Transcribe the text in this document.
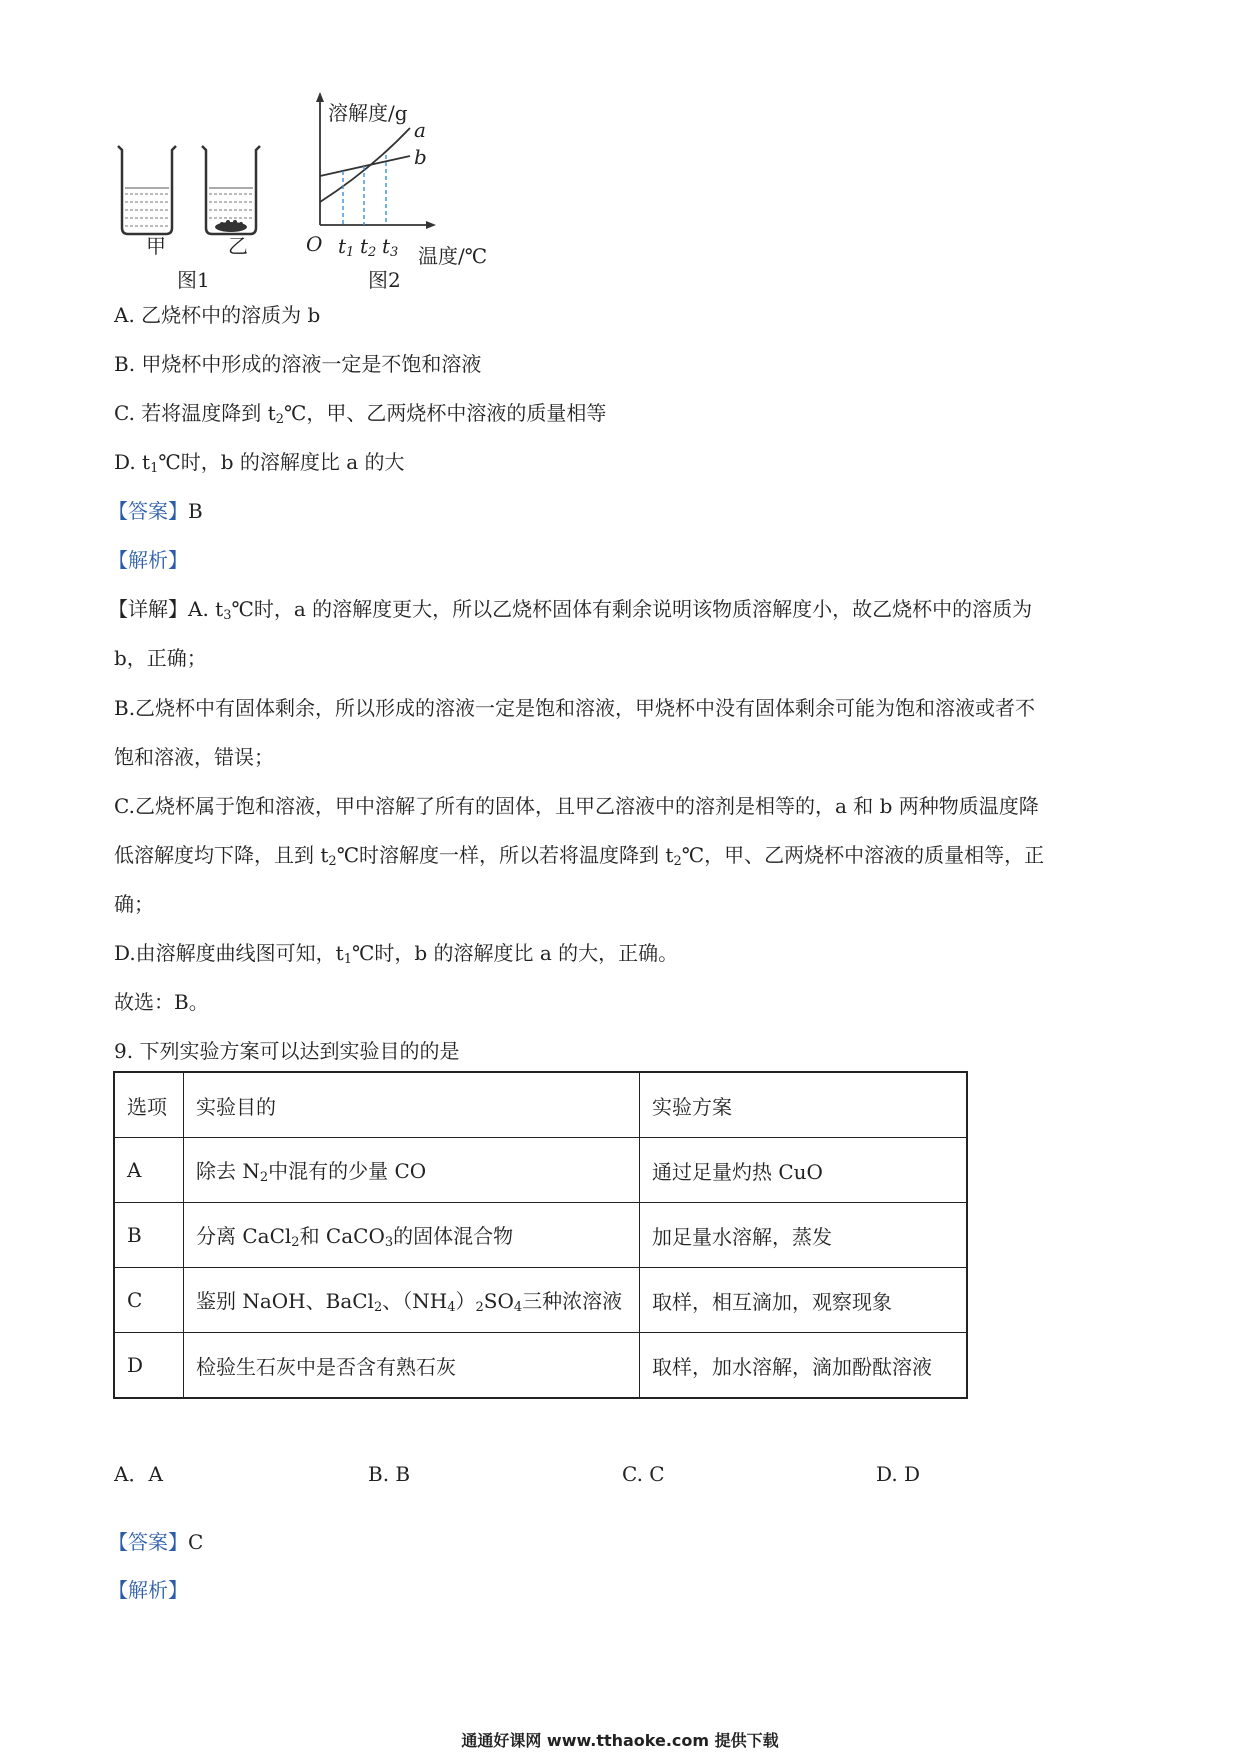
甲	乙
图1
溶解度/g
a
b
O $t_1$ $t_2$ $t_3$ 温度/℃
图2
A. 乙烧杯中的溶质为 b
B. 甲烧杯中形成的溶液一定是不饱和溶液
C. 若将温度降到 $t_2℃$，甲、乙两烧杯中溶液的质量相等
D. $t_1℃$时，b 的溶解度比 a 的大
【答案】B
【解析】
【详解】A. $t_3℃$时，a 的溶解度更大，所以乙烧杯固体有剩余说明该物质溶解度小，故乙烧杯中的溶质为
b，正确；
B.乙烧杯中有固体剩余，所以形成的溶液一定是饱和溶液，甲烧杯中没有固体剩余可能为饱和溶液或者不
饱和溶液，错误；
C.乙烧杯属于饱和溶液，甲中溶解了所有的固体，且甲乙溶液中的溶剂是相等的，a 和 b 两种物质温度降
低溶解度均下降，且到 $t_2℃$时溶解度一样，所以若将温度降到 $t_2℃$，甲、乙两烧杯中溶液的质量相等，正
确；
D.由溶解度曲线图可知，$t_1℃$时，b 的溶解度比 a 的大，正确。
故选：B。
9. 下列实验方案可以达到实验目的的是
选项	实验目的	实验方案
A	除去 $N_2$中混有的少量 CO	通过足量灼热 CuO
B	分离 CaCl$_2$和 CaCO$_3$的固体混合物	加足量水溶解，蒸发
C	鉴别 NaOH、BaCl$_2$、$(NH_4)_2SO_4$三种浓溶液	取样，相互滴加，观察现象
D	检验生石灰中是否含有熟石灰	取样，加水溶解，滴加酚酞溶液
A．A	B. B	C. C	D. D
【答案】C
【解析】
通通好课网 www.tthaoke.com 提供下载
